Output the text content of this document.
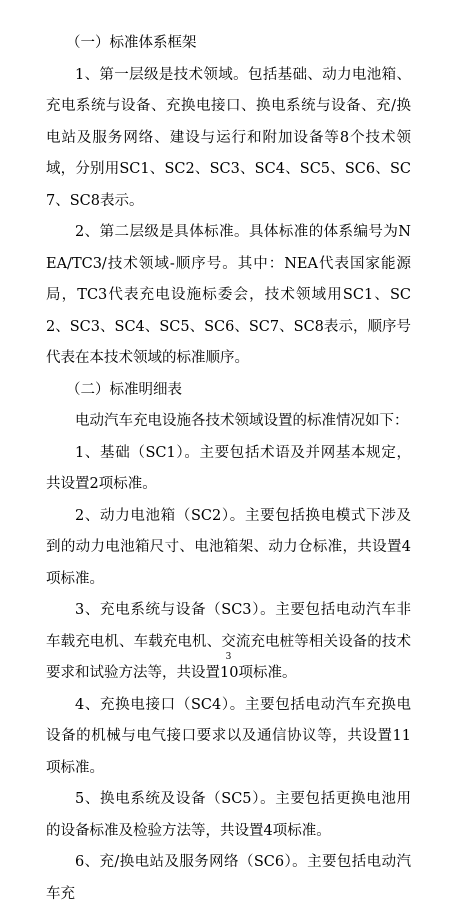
（一）标准体系框架

1、第一层级是技术领域。包括基础、动力电池箱、充电系统与设备、充换电接口、换电系统与设备、充/换电站及服务网络、建设与运行和附加设备等8个技术领域，分别用SC1、SC2、SC3、SC4、SC5、SC6、SC7、SC8表示。

2、第二层级是具体标准。具体标准的体系编号为NEA/TC3/技术领域-顺序号。其中：NEA代表国家能源局，TC3代表充电设施标委会，技术领域用SC1、SC2、SC3、SC4、SC5、SC6、SC7、SC8表示，顺序号代表在本技术领域的标准顺序。

（二）标准明细表

电动汽车充电设施各技术领域设置的标准情况如下：

1、基础（SC1）。主要包括术语及并网基本规定，共设置2项标准。

2、动力电池箱（SC2）。主要包括换电模式下涉及到的动力电池箱尺寸、电池箱架、动力仓标准，共设置4项标准。

3、充电系统与设备（SC3）。主要包括电动汽车非车载充电机、车载充电机、交流充电桩等相关设备的技术要求和试验方法等，共设置10项标准。

4、充换电接口（SC4）。主要包括电动汽车充换电设备的机械与电气接口要求以及通信协议等，共设置11项标准。

5、换电系统及设备（SC5）。主要包括更换电池用的设备标准及检验方法等，共设置4项标准。

6、充/换电站及服务网络（SC6）。主要包括电动汽车充

3
